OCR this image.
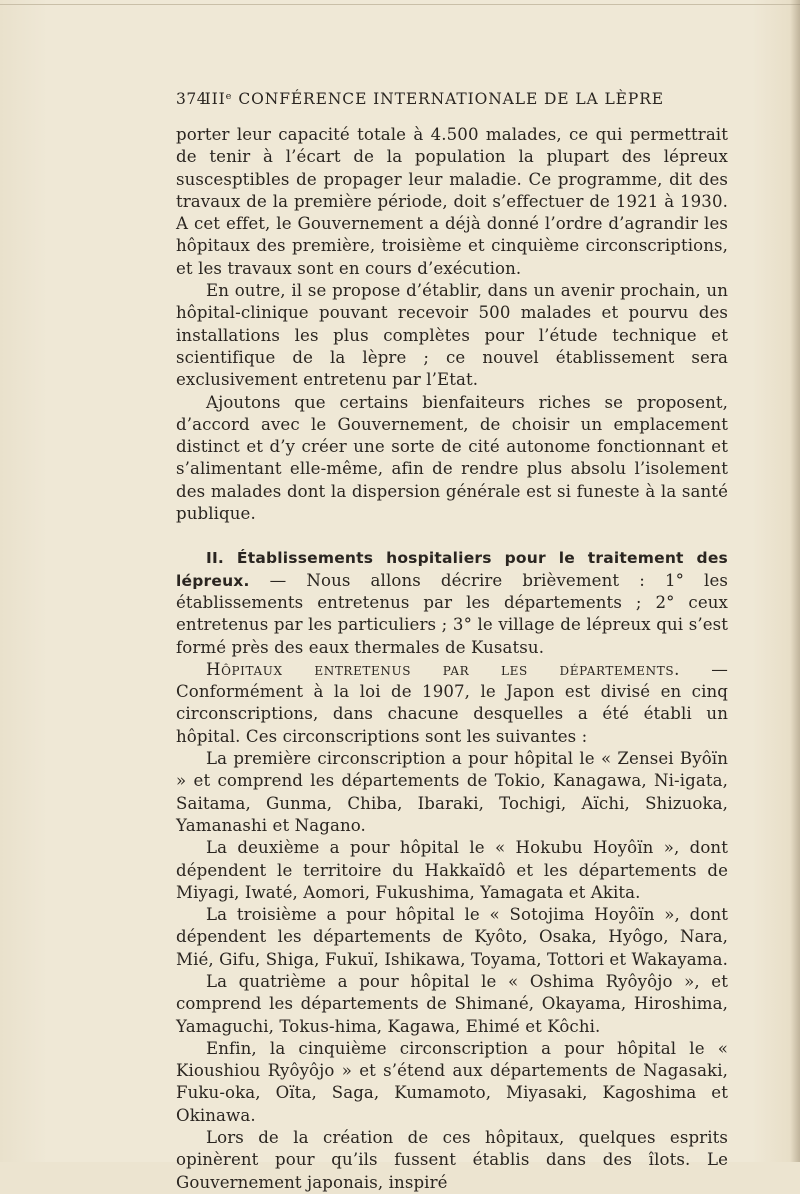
374
IIIᵉ CONFÉRENCE INTERNATIONALE DE LA LÈPRE

porter leur capacité totale à 4.500 malades, ce qui permettrait de tenir à l’écart de la population la plupart des lépreux suscesptibles de propager leur maladie. Ce programme, dit des travaux de la première période, doit s’effectuer de 1921 à 1930. A cet effet, le Gouvernement a déjà donné l’ordre d’agrandir les hôpitaux des première, troisième et cinquième circonscriptions, et les travaux sont en cours d’exécution.

En outre, il se propose d’établir, dans un avenir prochain, un hôpital-clinique pouvant recevoir 500 malades et pourvu des installations les plus complètes pour l’étude technique et scientifique de la lèpre ; ce nouvel établissement sera exclusivement entretenu par l’Etat.

Ajoutons que certains bienfaiteurs riches se proposent, d’accord avec le Gouvernement, de choisir un emplacement distinct et d’y créer une sorte de cité autonome fonctionnant et s’alimentant elle-même, afin de rendre plus absolu l’isolement des malades dont la dispersion générale est si funeste à la santé publique.

II. Établissements hospitaliers pour le traitement des lépreux. — Nous allons décrire brièvement : 1° les établissements entretenus par les départements ; 2° ceux entretenus par les particuliers ; 3° le village de lépreux qui s’est formé près des eaux thermales de Kusatsu.

Hôpitaux entretenus par les départements. — Conformément à la loi de 1907, le Japon est divisé en cinq circonscriptions, dans chacune desquelles a été établi un hôpital. Ces circonscriptions sont les suivantes :

La première circonscription a pour hôpital le « Zensei Byôïn » et comprend les départements de Tokio, Kanagawa, Ni-igata, Saitama, Gunma, Chiba, Ibaraki, Tochigi, Aïchi, Shizuoka, Yamanashi et Nagano.

La deuxième a pour hôpital le « Hokubu Hoyôïn », dont dépendent le territoire du Hakkaïdô et les départements de Miyagi, Iwaté, Aomori, Fukushima, Yamagata et Akita.

La troisième a pour hôpital le « Sotojima Hoyôïn », dont dépendent les départements de Kyôto, Osaka, Hyôgo, Nara, Mié, Gifu, Shiga, Fukuï, Ishikawa, Toyama, Tottori et Wakayama.

La quatrième a pour hôpital le « Oshima Ryôyôjo », et comprend les départements de Shimané, Okayama, Hiroshima, Yamaguchi, Tokus-hima, Kagawa, Ehimé et Kôchi.

Enfin, la cinquième circonscription a pour hôpital le « Kioushiou Ryôyôjo » et s’étend aux départements de Nagasaki, Fuku-oka, Oïta, Saga, Kumamoto, Miyasaki, Kagoshima et Okinawa.

Lors de la création de ces hôpitaux, quelques esprits opinèrent pour qu’ils fussent établis dans des îlots. Le Gouvernement japonais, inspiré
